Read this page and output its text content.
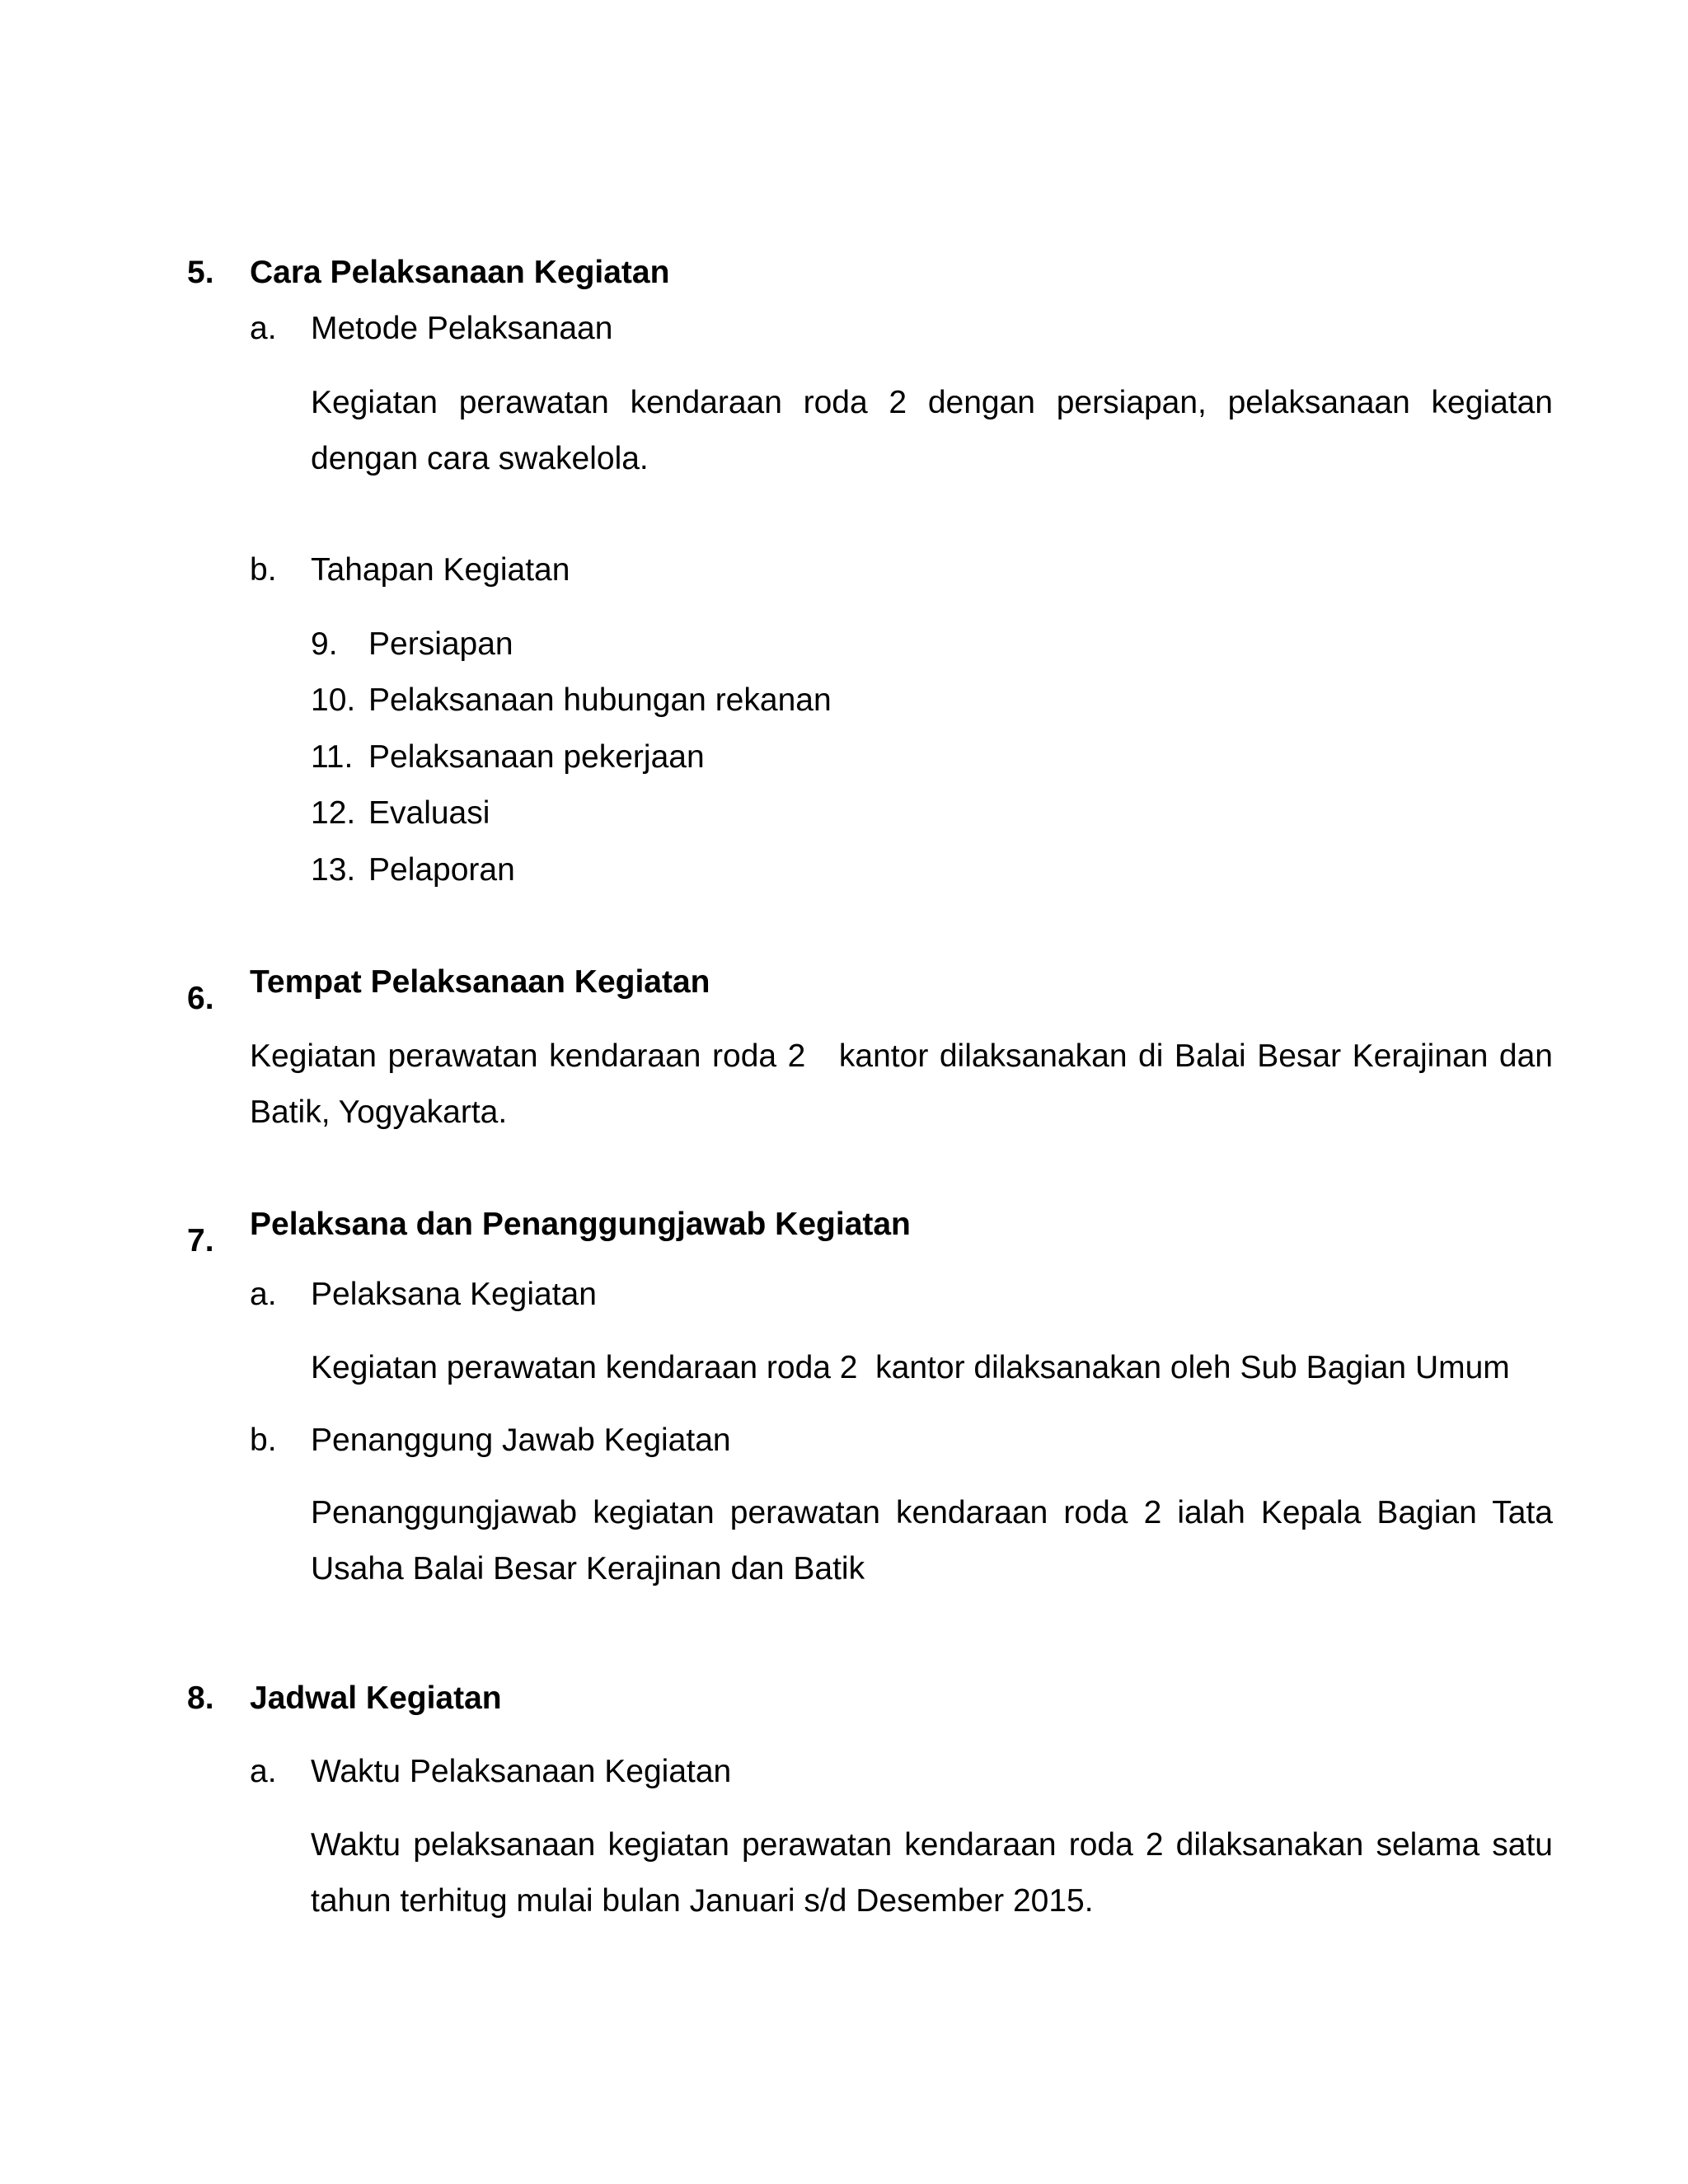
5. Cara Pelaksanaan Kegiatan
a. Metode Pelaksanaan
Kegiatan perawatan kendaraan roda 2 dengan persiapan, pelaksanaan kegiatan dengan cara swakelola.
b. Tahapan Kegiatan
9. Persiapan
10. Pelaksanaan hubungan rekanan
11. Pelaksanaan pekerjaan
12. Evaluasi
13. Pelaporan
6. Tempat Pelaksanaan Kegiatan
Kegiatan perawatan kendaraan roda 2   kantor dilaksanakan di Balai Besar Kerajinan dan Batik, Yogyakarta.
7. Pelaksana dan Penanggungjawab Kegiatan
a. Pelaksana Kegiatan
Kegiatan perawatan kendaraan roda 2  kantor dilaksanakan oleh Sub Bagian Umum
b. Penanggung Jawab Kegiatan
Penanggungjawab kegiatan perawatan kendaraan roda 2 ialah Kepala Bagian Tata Usaha Balai Besar Kerajinan dan Batik
8. Jadwal Kegiatan
a. Waktu Pelaksanaan Kegiatan
Waktu pelaksanaan kegiatan perawatan kendaraan roda 2 dilaksanakan selama satu tahun terhitug mulai bulan Januari s/d Desember 2015.
